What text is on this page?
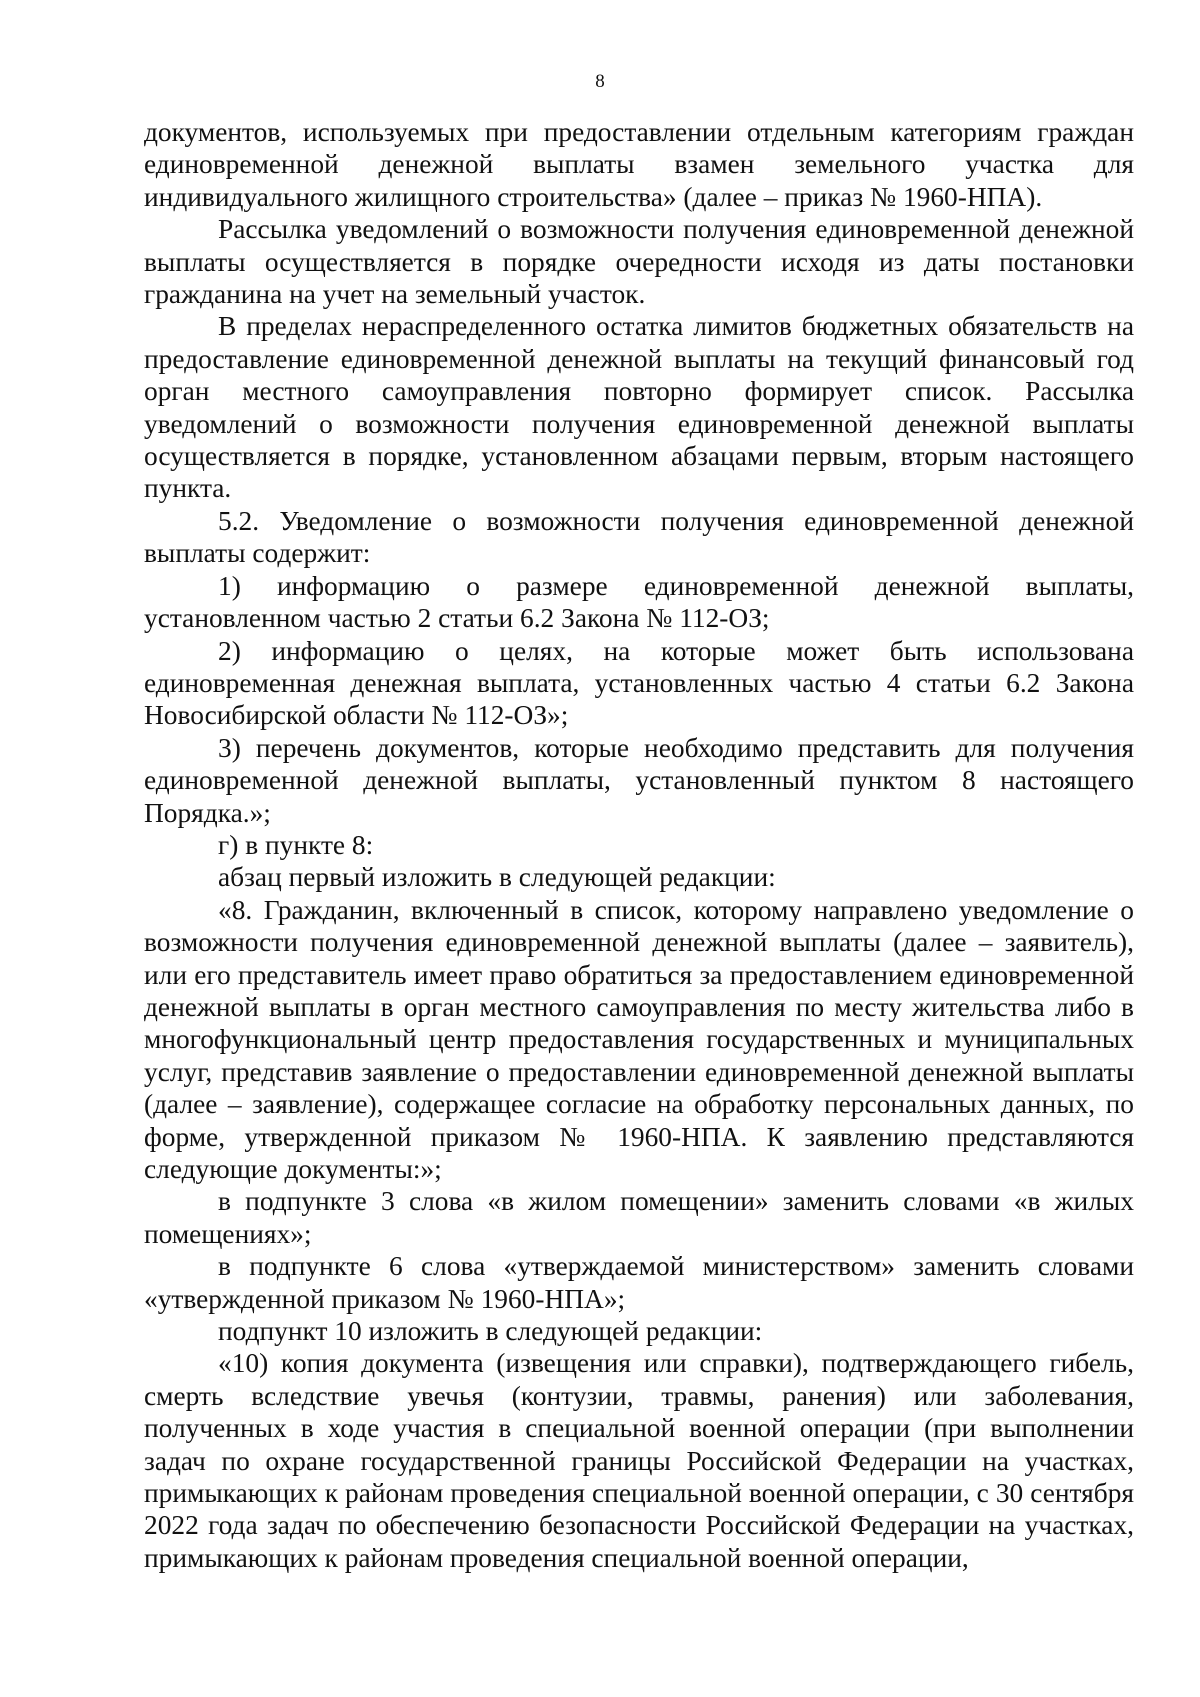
8

документов, используемых при предоставлении отдельным категориям граждан единовременной денежной выплаты взамен земельного участка для индивидуального жилищного строительства» (далее – приказ № 1960-НПА).

Рассылка уведомлений о возможности получения единовременной денежной выплаты осуществляется в порядке очередности исходя из даты постановки гражданина на учет на земельный участок.

В пределах нераспределенного остатка лимитов бюджетных обязательств на предоставление единовременной денежной выплаты на текущий финансовый год орган местного самоуправления повторно формирует список. Рассылка уведомлений о возможности получения единовременной денежной выплаты осуществляется в порядке, установленном абзацами первым, вторым настоящего пункта.

5.2. Уведомление о возможности получения единовременной денежной выплаты содержит:

1) информацию о размере единовременной денежной выплаты, установленном частью 2 статьи 6.2 Закона № 112-ОЗ;

2) информацию о целях, на которые может быть использована единовременная денежная выплата, установленных частью 4 статьи 6.2 Закона Новосибирской области № 112-ОЗ»;

3) перечень документов, которые необходимо представить для получения единовременной денежной выплаты, установленный пунктом 8 настоящего Порядка.»;

г) в пункте 8:

абзац первый изложить в следующей редакции:

«8. Гражданин, включенный в список, которому направлено уведомление о возможности получения единовременной денежной выплаты (далее – заявитель), или его представитель имеет право обратиться за предоставлением единовременной денежной выплаты в орган местного самоуправления по месту жительства либо в многофункциональный центр предоставления государственных и муниципальных услуг, представив заявление о предоставлении единовременной денежной выплаты (далее – заявление), содержащее согласие на обработку персональных данных, по форме, утвержденной приказом № 1960-НПА. К заявлению представляются следующие документы:»;

в подпункте 3 слова «в жилом помещении» заменить словами «в жилых помещениях»;

в подпункте 6 слова «утверждаемой министерством» заменить словами «утвержденной приказом № 1960-НПА»;

подпункт 10 изложить в следующей редакции:

«10) копия документа (извещения или справки), подтверждающего гибель, смерть вследствие увечья (контузии, травмы, ранения) или заболевания, полученных в ходе участия в специальной военной операции (при выполнении задач по охране государственной границы Российской Федерации на участках, примыкающих к районам проведения специальной военной операции, с 30 сентября 2022 года задач по обеспечению безопасности Российской Федерации на участках, примыкающих к районам проведения специальной военной операции,
